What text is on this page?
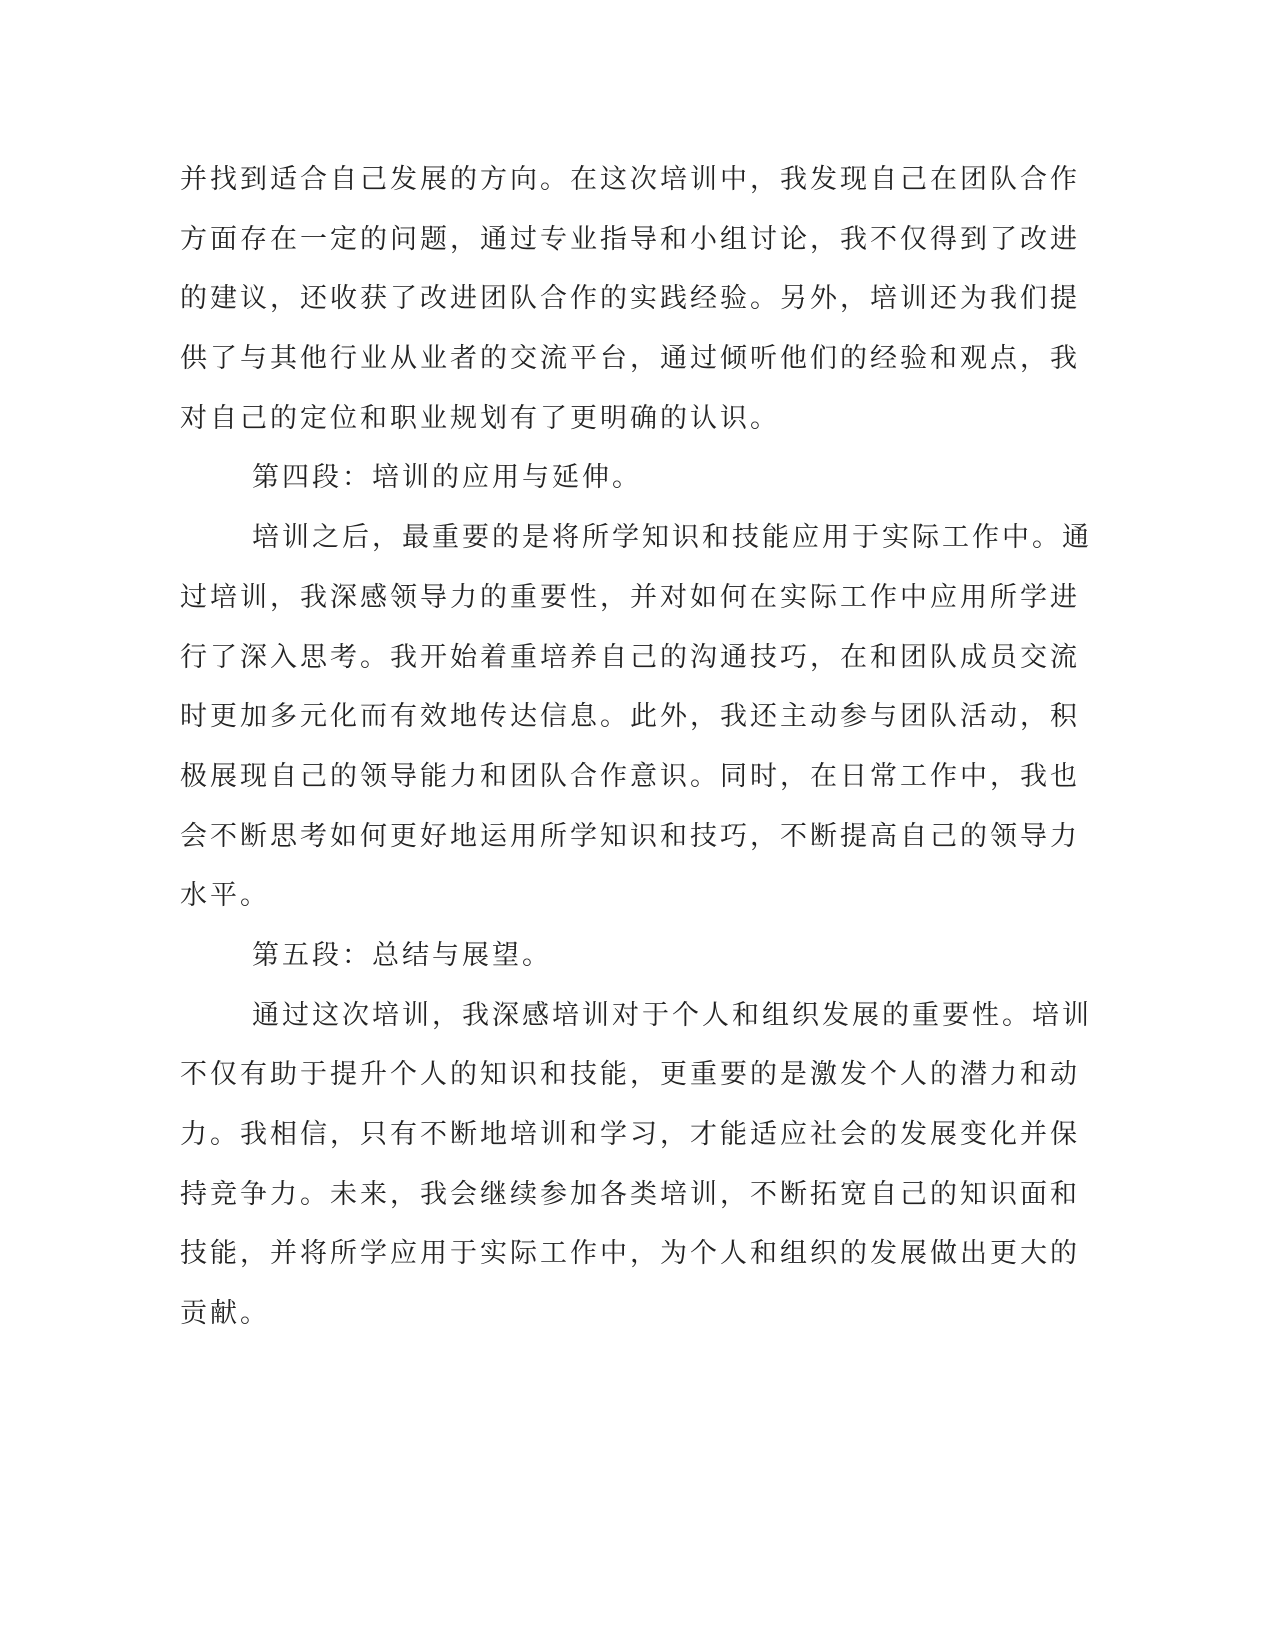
并找到适合自己发展的方向。在这次培训中，我发现自己在团队合作
方面存在一定的问题，通过专业指导和小组讨论，我不仅得到了改进
的建议，还收获了改进团队合作的实践经验。另外，培训还为我们提
供了与其他行业从业者的交流平台，通过倾听他们的经验和观点，我
对自己的定位和职业规划有了更明确的认识。
第四段：培训的应用与延伸。
培训之后，最重要的是将所学知识和技能应用于实际工作中。通
过培训，我深感领导力的重要性，并对如何在实际工作中应用所学进
行了深入思考。我开始着重培养自己的沟通技巧，在和团队成员交流
时更加多元化而有效地传达信息。此外，我还主动参与团队活动，积
极展现自己的领导能力和团队合作意识。同时，在日常工作中，我也
会不断思考如何更好地运用所学知识和技巧，不断提高自己的领导力
水平。
第五段：总结与展望。
通过这次培训，我深感培训对于个人和组织发展的重要性。培训
不仅有助于提升个人的知识和技能，更重要的是激发个人的潜力和动
力。我相信，只有不断地培训和学习，才能适应社会的发展变化并保
持竞争力。未来，我会继续参加各类培训，不断拓宽自己的知识面和
技能，并将所学应用于实际工作中，为个人和组织的发展做出更大的
贡献。
